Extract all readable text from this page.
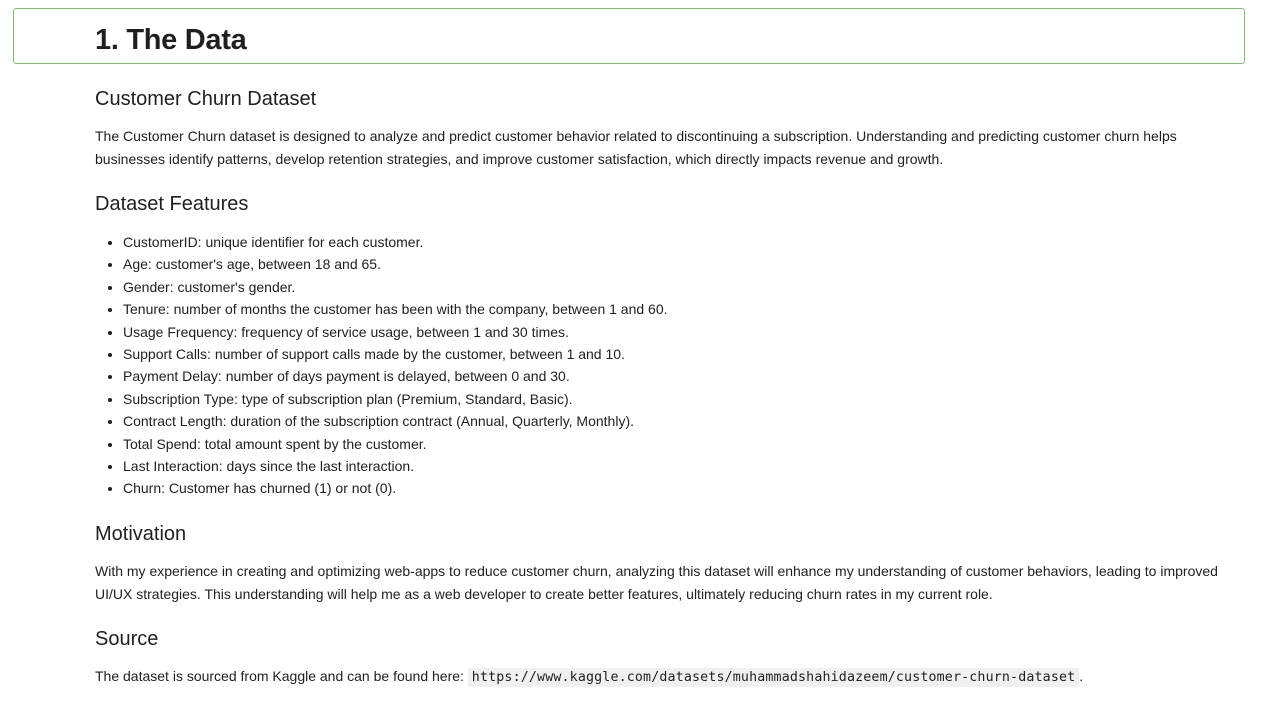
1. The Data
Customer Churn Dataset

The Customer Churn dataset is designed to analyze and predict customer behavior related to discontinuing a subscription. Understanding and predicting customer churn helps businesses identify patterns, develop retention strategies, and improve customer satisfaction, which directly impacts revenue and growth.

Dataset Features
• CustomerID: unique identifier for each customer.
• Age: customer's age, between 18 and 65.
• Gender: customer's gender.
• Tenure: number of months the customer has been with the company, between 1 and 60.
• Usage Frequency: frequency of service usage, between 1 and 30 times.
• Support Calls: number of support calls made by the customer, between 1 and 10.
• Payment Delay: number of days payment is delayed, between 0 and 30.
• Subscription Type: type of subscription plan (Premium, Standard, Basic).
• Contract Length: duration of the subscription contract (Annual, Quarterly, Monthly).
• Total Spend: total amount spent by the customer.
• Last Interaction: days since the last interaction.
• Churn: Customer has churned (1) or not (0).
Motivation

With my experience in creating and optimizing web-apps to reduce customer churn, analyzing this dataset will enhance my understanding of customer behaviors, leading to improved UI/UX strategies. This understanding will help me as a web developer to create better features, ultimately reducing churn rates in my current role.

Source

The dataset is sourced from Kaggle and can be found here: https://www.kaggle.com/datasets/muhammadshahidazeem/customer-churn-dataset .
